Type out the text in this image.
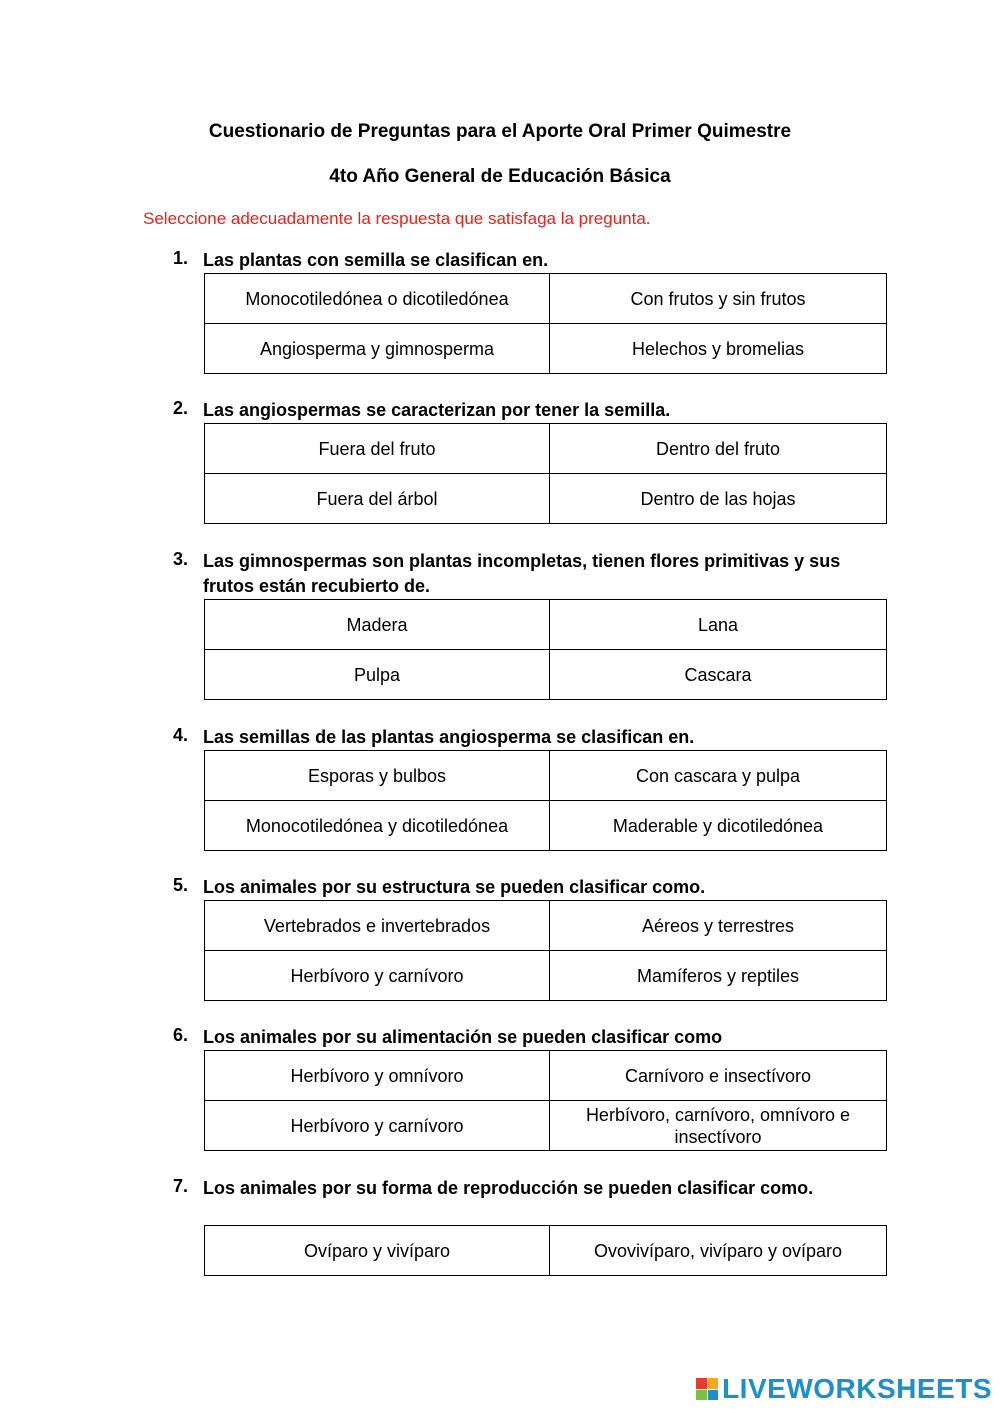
Cuestionario de Preguntas para el Aporte Oral Primer Quimestre
4to Año General de Educación Básica
Seleccione adecuadamente la respuesta que satisfaga la pregunta.
1. Las plantas con semilla se clasifican en.
Monocotiledónea o dicotiledónea	Con frutos y sin frutos
Angiosperma y gimnosperma	Helechos y bromelias
2. Las angiospermas se caracterizan por tener la semilla.
Fuera del fruto	Dentro del fruto
Fuera del árbol	Dentro de las hojas
3. Las gimnospermas son plantas incompletas, tienen flores primitivas y sus frutos están recubierto de.
Madera	Lana
Pulpa	Cascara
4. Las semillas de las plantas angiosperma se clasifican en.
Esporas y bulbos	Con cascara y pulpa
Monocotiledónea y dicotiledónea	Maderable y dicotiledónea
5. Los animales por su estructura se pueden clasificar como.
Vertebrados e invertebrados	Aéreos y terrestres
Herbívoro y carnívoro	Mamíferos y reptiles
6. Los animales por su alimentación se pueden clasificar como
Herbívoro y omnívoro	Carnívoro e insectívoro
Herbívoro y carnívoro	Herbívoro, carnívoro, omnívoro e insectívoro
7. Los animales por su forma de reproducción se pueden clasificar como.
Ovíparo y vivíparo	Ovovivíparo, vivíparo y ovíparo
LIVEWORKSHEETS
